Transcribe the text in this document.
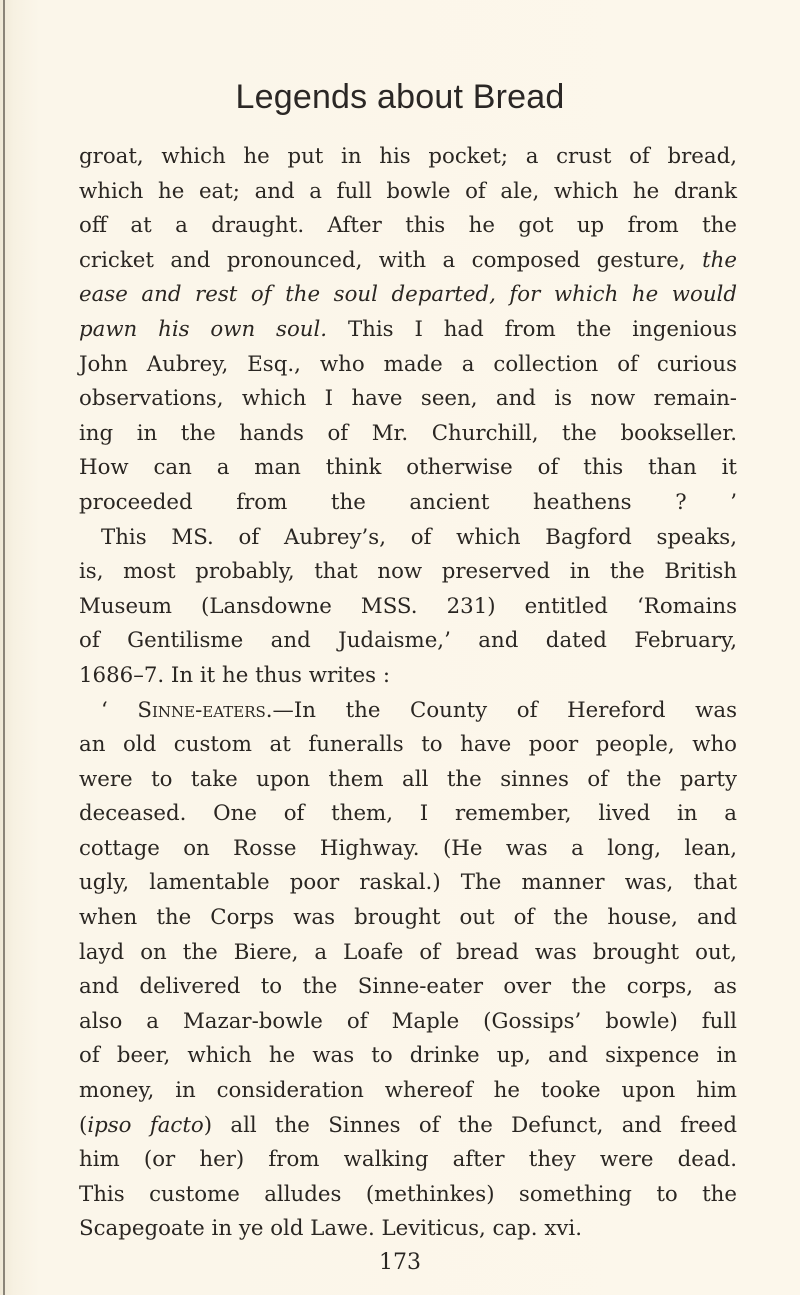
Legends about Bread
groat, which he put in his pocket; a crust of bread,
which he eat; and a full bowle of ale, which he drank
off at a draught. After this he got up from the
cricket and pronounced, with a composed gesture, the
ease and rest of the soul departed, for which he would
pawn his own soul. This I had from the ingenious
John Aubrey, Esq., who made a collection of curious
observations, which I have seen, and is now remain-
ing in the hands of Mr. Churchill, the bookseller.
How can a man think otherwise of this than it
proceeded from the ancient heathens ? ’
This MS. of Aubrey’s, of which Bagford speaks,
is, most probably, that now preserved in the British
Museum (Lansdowne MSS. 231) entitled ‘Romains
of Gentilisme and Judaisme,’ and dated February,
1686–7. In it he thus writes :
‘ Sinne-eaters.—In the County of Hereford was
an old custom at funeralls to have poor people, who
were to take upon them all the sinnes of the party
deceased. One of them, I remember, lived in a
cottage on Rosse Highway. (He was a long, lean,
ugly, lamentable poor raskal.) The manner was, that
when the Corps was brought out of the house, and
layd on the Biere, a Loafe of bread was brought out,
and delivered to the Sinne-eater over the corps, as
also a Mazar-bowle of Maple (Gossips’ bowle) full
of beer, which he was to drinke up, and sixpence in
money, in consideration whereof he tooke upon him
(ipso facto) all the Sinnes of the Defunct, and freed
him (or her) from walking after they were dead.
This custome alludes (methinkes) something to the
Scapegoate in ye old Lawe. Leviticus, cap. xvi.
173
